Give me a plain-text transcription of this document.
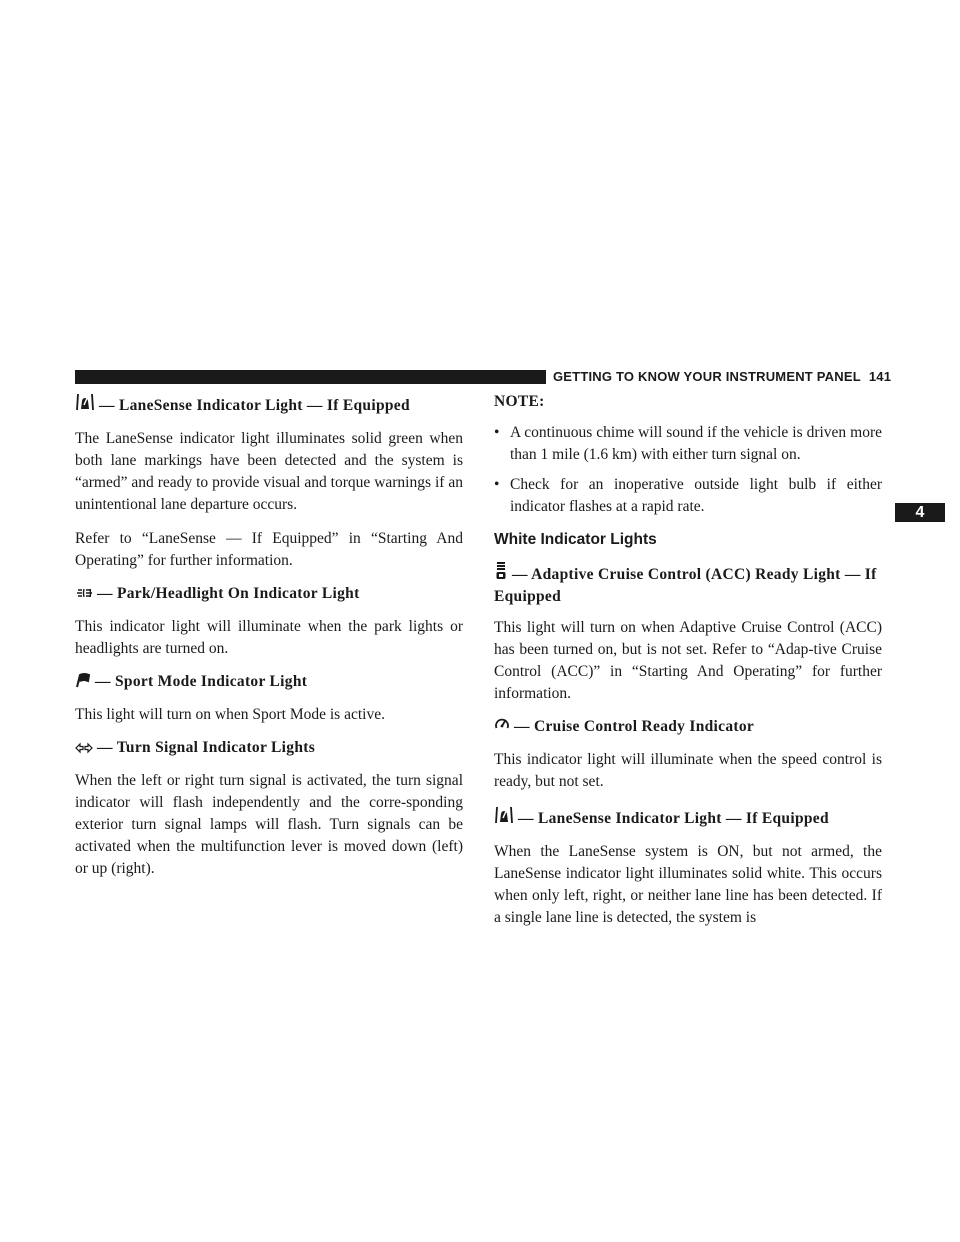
GETTING TO KNOW YOUR INSTRUMENT PANEL 141
4
— LaneSense Indicator Light — If Equipped

The LaneSense indicator light illuminates solid green when both lane markings have been detected and the system is “armed” and ready to provide visual and torque warnings if an unintentional lane departure occurs.

Refer to “LaneSense — If Equipped” in “Starting And Operating” for further information.

— Park/Headlight On Indicator Light

This indicator light will illuminate when the park lights or headlights are turned on.

— Sport Mode Indicator Light

This light will turn on when Sport Mode is active.

— Turn Signal Indicator Lights

When the left or right turn signal is activated, the turn signal indicator will flash independently and the corre-sponding exterior turn signal lamps will flash. Turn signals can be activated when the multifunction lever is moved down (left) or up (right).

NOTE:
• A continuous chime will sound if the vehicle is driven more than 1 mile (1.6 km) with either turn signal on.
• Check for an inoperative outside light bulb if either indicator flashes at a rapid rate.
White Indicator Lights
— Adaptive Cruise Control (ACC) Ready Light — If Equipped

This light will turn on when Adaptive Cruise Control (ACC) has been turned on, but is not set. Refer to “Adap-tive Cruise Control (ACC)” in “Starting And Operating” for further information.

— Cruise Control Ready Indicator

This indicator light will illuminate when the speed control is ready, but not set.

— LaneSense Indicator Light — If Equipped

When the LaneSense system is ON, but not armed, the LaneSense indicator light illuminates solid white. This occurs when only left, right, or neither lane line has been detected. If a single lane line is detected, the system is
